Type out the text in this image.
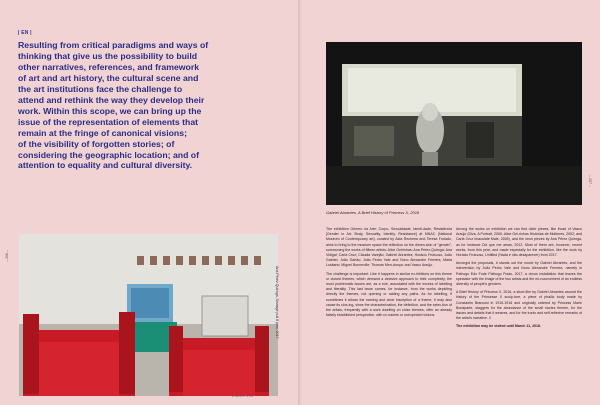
| EN |

Resulting from critical paradigms and ways of
thinking that give us the possibility to build
other narratives, references, and framework
of art and art history, the cultural scene and
the art institutions face the challenge to
attend and rethink the way they develop their
work. Within this scope, we can bring up the
issue of the representation of elements that
remain at the fringe of canonical visions;
of the visibility of forgotten stories; of
considering the geographic location; and of
attention to equality and cultural diversity.

– 206 –
Ana Pérez Quiroga, Sewage pull 8 pew, 2017
UNBOX 195
– 207 –
Gabriel Abrantes, A Brief History of Princess X, 2016

The exhibition Género na Arte: Corpo, Sexualidade, Identi-dade, Resistência [Gender in Art: Body, Sexuality, Identity, Resistance] at MNAC (National Museum of Contemporary art), curated by Aida Rechena and Teresa Furtado, aims to bring to the museum space the reflection on the dimen-sion of "gender", summoning the works of fifteen artists: Alice Geirinhas; Ana Pérez-Quiroga; Ana Vidigal; Carla Cruz; Cláudia Varejão; Gabriel Abrantes; Horácio Frutuoso; João Gabriel; João Galrão; João Pedro Vale and Nuno Alexandre Ferreira; Maria Lusitano; Miguel Bonneville; Thomas Men-donça; and Vasco Araújo.

The challenge is important. Like it happens in similar ex-hibitions on this theme or closed themes, which demand a decisive approach to their complexity, the most problematic issues are, as a rule, associated with the excess of labelling and literality. This last issue comes, for instance, from the works depicting directly the themes, not opening or adding any paths. As for labelling, if sometimes it allows the naming and clear inscription of a theme, it may also cause its clos-ing, since the characterization, the definition, and the selec-tion of the artists, frequently with a work dwelling on close themes, offer an already falsely established perspective, with no names or unexpected visions.

Among the works on exhibition we can find older pieces, like those of Vasco Araújo (Diva, A Portrait, 2000; Alice Gei-rinhas Histórias de Mulheres, 2002; and Carla Cruz Imaculate Male, 2005), and the neon pieces by Ana Pérez Quiroga, as for instance Diz que me amas, 2012. Most of them are, however, recent works, from this year, and made especially for the exhibition, like the work by Horácio Frutuoso, Untitled (Nada é não desaparecer) from 2017.

Amongst the proposals, it stands out the movie by Gabriel Abrantes, and the intervention by João Pedro Vale and Nuno Alexandre Ferreira, namely in Pathogo Edo Fude Pathogo Polas, 2017, a circus installation that leaves the spectator with the image of the two artists and the en-nouncement of an endless diversity of people's genders.

A Brief History of Princess X, 2016, a short-film by Gabriel Abrantes around the history of the Princesse X sculp-ture, a piece of phallic body made by Constantin Brancusi in 1915-1916 and originally ordered by Princess Marie Bonaparte, staggers for the abundance of the small stories therein, for the issues and details that it weaves, and for the ironic and self-reflexive remarks of the artist's narrative. //

The exhibition may be visited until March 11, 2018.
